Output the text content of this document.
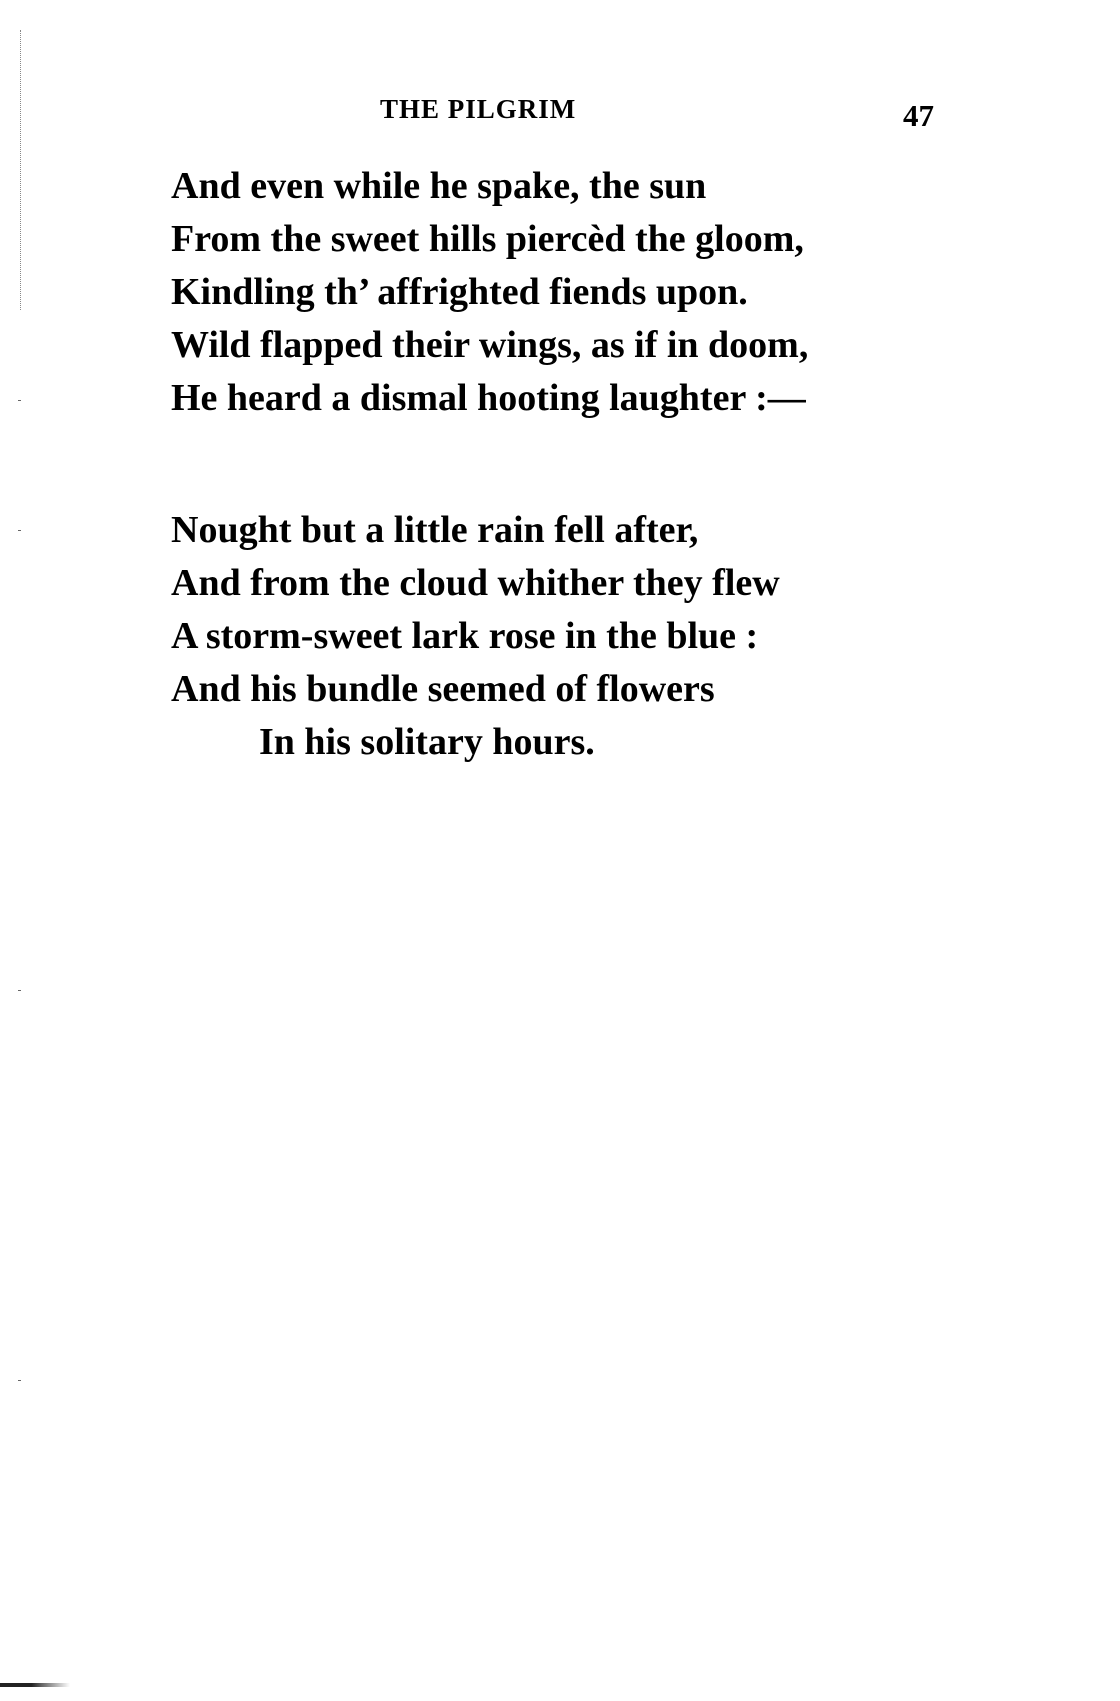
THE PILGRIM	47
And even while he spake, the sun
From the sweet hills piercèd the gloom,
Kindling th’ affrighted fiends upon.
Wild flapped their wings, as if in doom,
He heard a dismal hooting laughter :—
Nought but a little rain fell after,
And from the cloud whither they flew
A storm-sweet lark rose in the blue :
And his bundle seemed of flowers
In his solitary hours.
